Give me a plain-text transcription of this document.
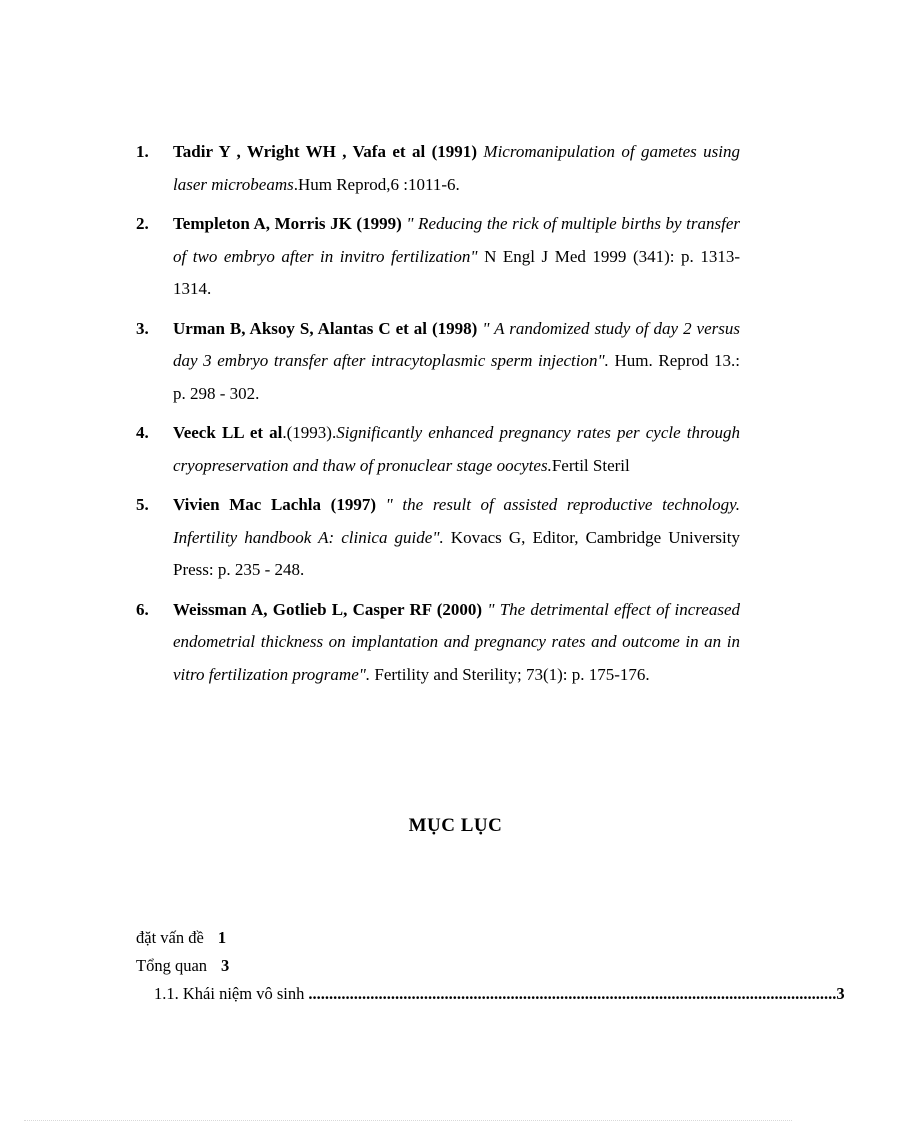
1. Tadir Y , Wright WH , Vafa et al (1991) Micromanipulation of gametes using laser microbeams.Hum Reprod,6 :1011-6.
2. Templeton A, Morris JK (1999) " Reducing the rick of multiple births by transfer of two embryo after in invitro fertilization" N Engl J Med 1999 (341): p. 1313-1314.
3. Urman B, Aksoy S, Alantas C et al (1998) " A randomized study of day 2 versus day 3 embryo transfer after intracytoplasmic sperm injection". Hum. Reprod 13.: p. 298 - 302.
4. Veeck LL et al.(1993).Significantly enhanced pregnancy rates per cycle through cryopreservation and thaw of pronuclear stage oocytes.Fertil Steril
5. Vivien Mac Lachla (1997) " the result of assisted reproductive technology. Infertility handbook A: clinica guide". Kovacs G, Editor, Cambridge University Press: p. 235 - 248.
6. Weissman A, Gotlieb L, Casper RF (2000) " The detrimental effect of increased endometrial thickness on implantation and pregnancy rates and outcome in an in vitro fertilization programe". Fertility and Sterility; 73(1): p. 175-176.
MỤC LỤC
đặt vấn đề 1
Tổng quan 3
1.1. Khái niệm vô sinh ................................................................................................................................ 3
